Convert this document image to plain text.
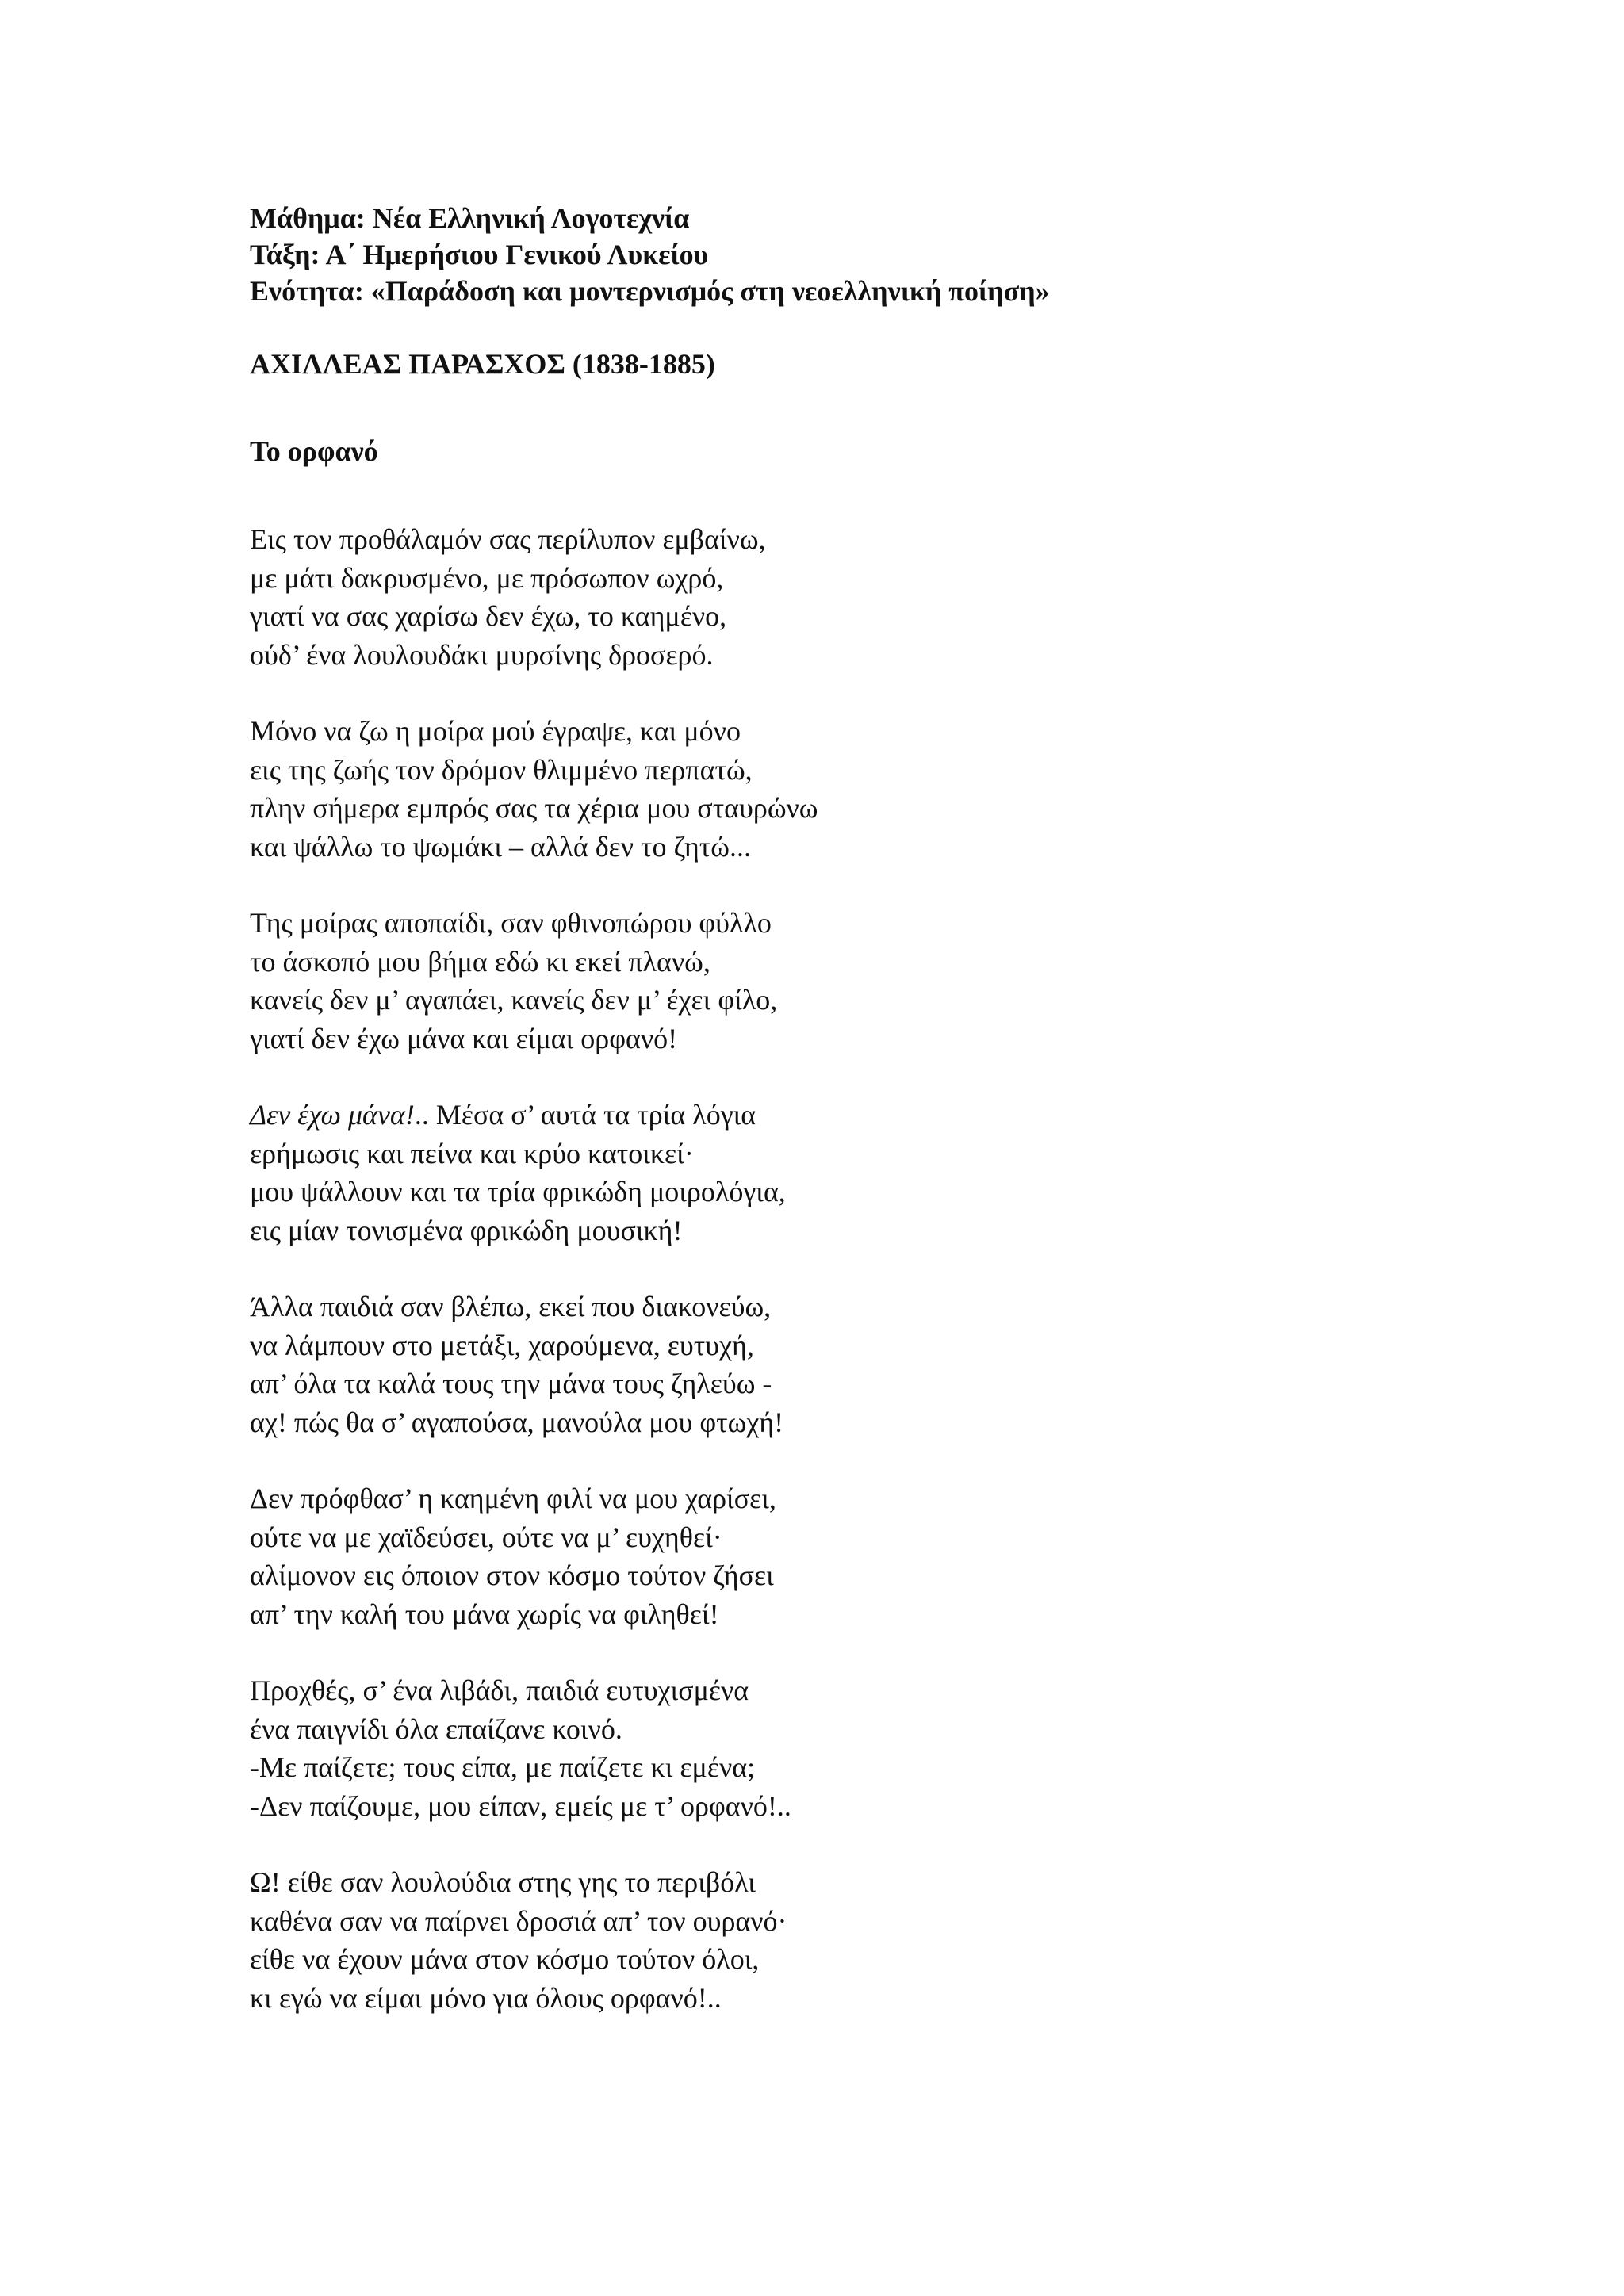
Μάθημα: Νέα Ελληνική Λογοτεχνία
Τάξη: Α΄ Ημερήσιου Γενικού Λυκείου
Ενότητα: «Παράδοση και μοντερνισμός στη νεοελληνική ποίηση»
ΑΧΙΛΛΕΑΣ ΠΑΡΑΣΧΟΣ (1838-1885)
Το ορφανό
Εις τον προθάλαμόν σας περίλυπον εμβαίνω,
με μάτι δακρυσμένο, με πρόσωπον ωχρό,
γιατί να σας χαρίσω δεν έχω, το καημένο,
ούδ’ ένα λουλουδάκι μυρσίνης δροσερό.
Μόνο να ζω η μοίρα μού έγραψε, και μόνο
εις της ζωής τον δρόμον θλιμμένο περπατώ,
πλην σήμερα εμπρός σας τα χέρια μου σταυρώνω
και ψάλλω το ψωμάκι – αλλά δεν το ζητώ...
Της μοίρας αποπαίδι, σαν φθινοπώρου φύλλο
το άσκοπό μου βήμα εδώ κι εκεί πλανώ,
κανείς δεν μ’ αγαπάει, κανείς δεν μ’ έχει φίλο,
γιατί δεν έχω μάνα και είμαι ορφανό!
Δεν έχω μάνα!.. Μέσα σ’ αυτά τα τρία λόγια
ερήμωσις και πείνα και κρύο κατοικεί·
μου ψάλλουν και τα τρία φρικώδη μοιρολόγια,
εις μίαν τονισμένα φρικώδη μουσική!
Άλλα παιδιά σαν βλέπω, εκεί που διακονεύω,
να λάμπουν στο μετάξι, χαρούμενα, ευτυχή,
απ’ όλα τα καλά τους την μάνα τους ζηλεύω -
αχ! πώς θα σ’ αγαπούσα, μανούλα μου φτωχή!
Δεν πρόφθασ’ η καημένη φιλί να μου χαρίσει,
ούτε να με χαϊδεύσει, ούτε να μ’ ευχηθεί·
αλίμονον εις όποιον στον κόσμο τούτον ζήσει
απ’ την καλή του μάνα χωρίς να φιληθεί!
Προχθές, σ’ ένα λιβάδι, παιδιά ευτυχισμένα
ένα παιγνίδι όλα επαίζανε κοινό.
-Με παίζετε; τους είπα, με παίζετε κι εμένα;
-Δεν παίζουμε, μου είπαν, εμείς με τ’ ορφανό!..
Ω! είθε σαν λουλούδια στης γης το περιβόλι
καθένα σαν να παίρνει δροσιά απ’ τον ουρανό·
είθε να έχουν μάνα στον κόσμο τούτον όλοι,
κι εγώ να είμαι μόνο για όλους ορφανό!..
